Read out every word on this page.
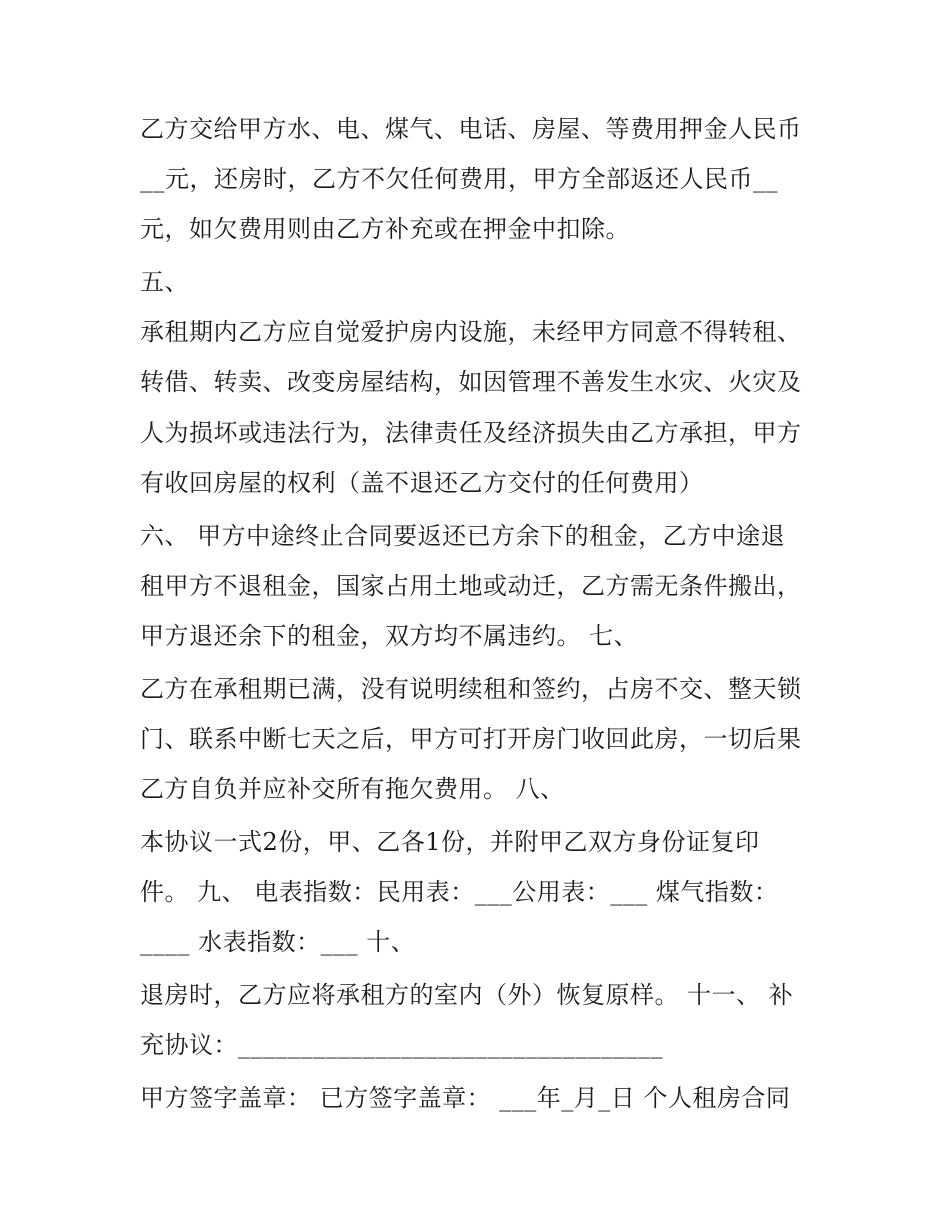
乙方交给甲方水、电、煤气、电话、房屋、等费用押金人民币
__元，还房时，乙方不欠任何费用，甲方全部返还人民币__
元，如欠费用则由乙方补充或在押金中扣除。
五、
承租期内乙方应自觉爱护房内设施，未经甲方同意不得转租、
转借、转卖、改变房屋结构，如因管理不善发生水灾、火灾及
人为损坏或违法行为，法律责任及经济损失由乙方承担，甲方
有收回房屋的权利（盖不退还乙方交付的任何费用）
六、 甲方中途终止合同要返还已方余下的租金，乙方中途退
租甲方不退租金，国家占用土地或动迁，乙方需无条件搬出，
甲方退还余下的租金，双方均不属违约。 七、
乙方在承租期已满，没有说明续租和签约，占房不交、整天锁
门、联系中断七天之后，甲方可打开房门收回此房，一切后果
乙方自负并应补交所有拖欠费用。 八、
本协议一式2份，甲、乙各1份，并附甲乙双方身份证复印
件。 九、 电表指数：民用表：___公用表：___ 煤气指数：
____ 水表指数：___ 十、
退房时，乙方应将承租方的室内（外）恢复原样。 十一、 补
充协议：__________________________________
甲方签字盖章： 已方签字盖章： ___年_月_日 个人租房合同
